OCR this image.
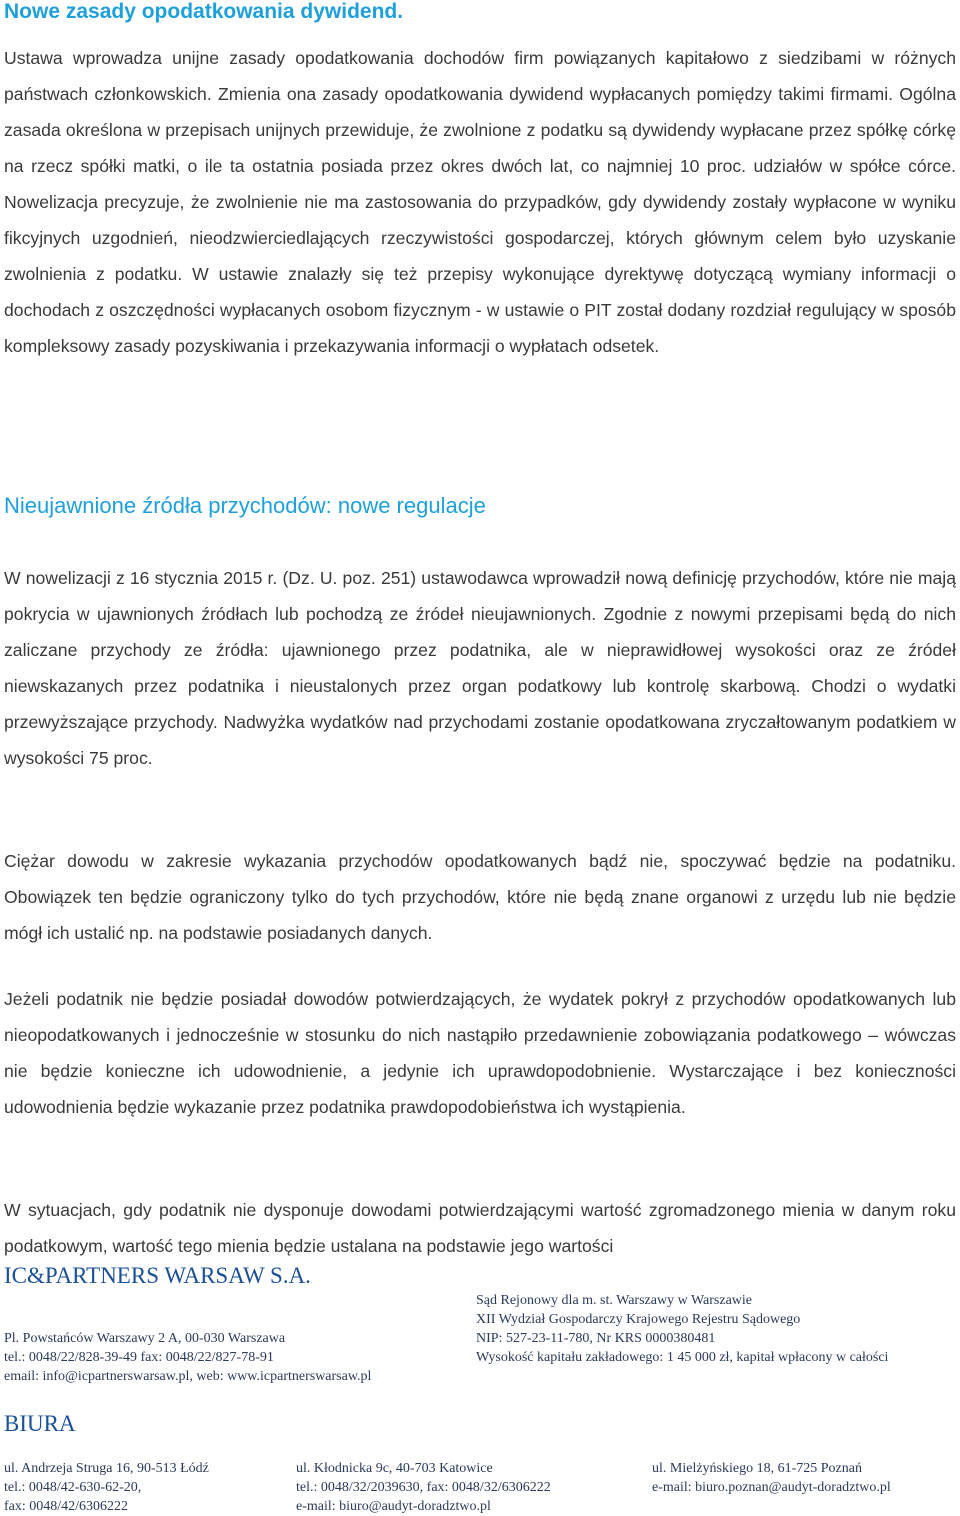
Nowe zasady opodatkowania dywidend.

Ustawa wprowadza unijne zasady opodatkowania dochodów firm powiązanych kapitałowo z siedzibami w różnych państwach członkowskich. Zmienia ona zasady opodatkowania dywidend wypłacanych pomiędzy takimi firmami. Ogólna zasada określona w przepisach unijnych przewiduje, że zwolnione z podatku są dywidendy wypłacane przez spółkę córkę na rzecz spółki matki, o ile ta ostatnia posiada przez okres dwóch lat, co najmniej 10 proc. udziałów w spółce córce. Nowelizacja precyzuje, że zwolnienie nie ma zastosowania do przypadków, gdy dywidendy zostały wypłacone w wyniku fikcyjnych uzgodnień, nieodzwierciedlających rzeczywistości gospodarczej, których głównym celem było uzyskanie zwolnienia z podatku. W ustawie znalazły się też przepisy wykonujące dyrektywę dotyczącą wymiany informacji o dochodach z oszczędności wypłacanych osobom fizycznym - w ustawie o PIT został dodany rozdział regulujący w sposób kompleksowy zasady pozyskiwania i przekazywania informacji o wypłatach odsetek.

Nieujawnione źródła przychodów: nowe regulacje

W nowelizacji z 16 stycznia 2015 r. (Dz. U. poz. 251) ustawodawca wprowadził nową definicję przychodów, które nie mają pokrycia w ujawnionych źródłach lub pochodzą ze źródeł nieujawnionych. Zgodnie z nowymi przepisami będą do nich zaliczane przychody ze źródła: ujawnionego przez podatnika, ale w nieprawidłowej wysokości oraz ze źródeł niewskazanych przez podatnika i nieustalonych przez organ podatkowy lub kontrolę skarbową. Chodzi o wydatki przewyższające przychody. Nadwyżka wydatków nad przychodami zostanie opodatkowana zryczałtowanym podatkiem w wysokości 75 proc.

Ciężar dowodu w zakresie wykazania przychodów opodatkowanych bądź nie, spoczywać będzie na podatniku. Obowiązek ten będzie ograniczony tylko do tych przychodów, które nie będą znane organowi z urzędu lub nie będzie mógł ich ustalić np. na podstawie posiadanych danych.

Jeżeli podatnik nie będzie posiadał dowodów potwierdzających, że wydatek pokrył z przychodów opodatkowanych lub nieopodatkowanych i jednocześnie w stosunku do nich nastąpiło przedawnienie zobowiązania podatkowego – wówczas nie będzie konieczne ich udowodnienie, a jedynie ich uprawdopodobnienie. Wystarczające i bez konieczności udowodnienia będzie wykazanie przez podatnika prawdopodobieństwa ich wystąpienia.

W sytuacjach, gdy podatnik nie dysponuje dowodami potwierdzającymi wartość zgromadzonego mienia w danym roku podatkowym, wartość tego mienia będzie ustalana na podstawie jego wartości

IC&PARTNERS WARSAW S.A.
Pl. Powstańców Warszawy 2 A, 00-030 Warszawa
tel.: 0048/22/828-39-49 fax: 0048/22/827-78-91
email: info@icpartnerswarsaw.pl, web: www.icpartnerswarsaw.pl
Sąd Rejonowy dla m. st. Warszawy w Warszawie
XII Wydział Gospodarczy Krajowego Rejestru Sądowego
NIP: 527-23-11-780, Nr KRS 0000380481
Wysokość kapitału zakładowego: 1 45 000 zł, kapitał wpłacony w całości
BIURA
ul. Andrzeja Struga 16, 90-513 Łódź
tel.: 0048/42-630-62-20,
fax: 0048/42/6306222
ul. Kłodnicka 9c, 40-703 Katowice
tel.: 0048/32/2039630, fax: 0048/32/6306222
e-mail: biuro@audyt-doradztwo.pl
ul. Mielżyńskiego 18, 61-725 Poznań
e-mail: biuro.poznan@audyt-doradztwo.pl
